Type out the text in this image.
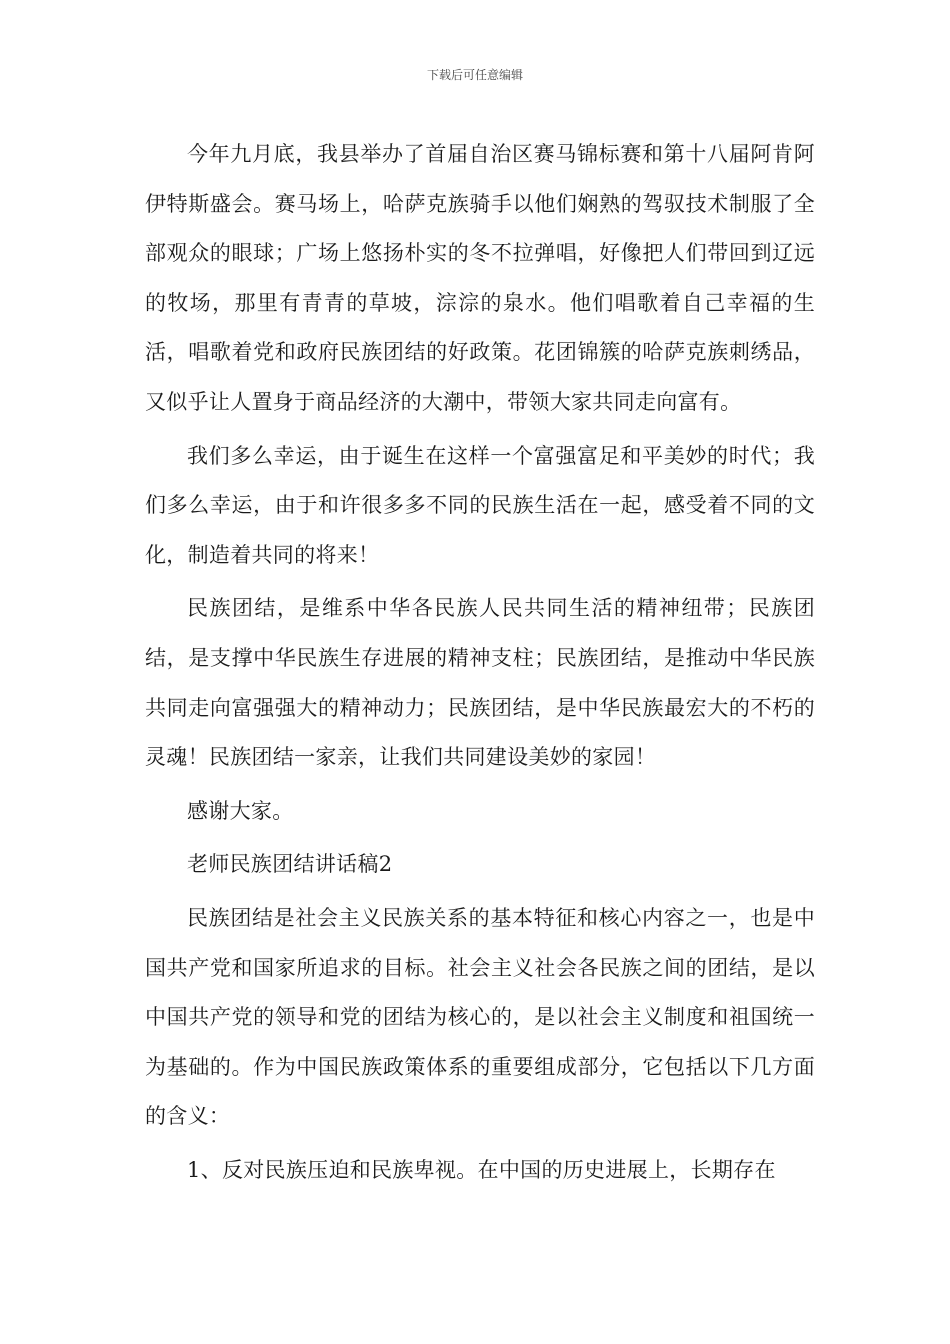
下载后可任意编辑

今年九月底，我县举办了首届自治区赛马锦标赛和第十八届阿肯阿伊特斯盛会。赛马场上，哈萨克族骑手以他们娴熟的驾驭技术制服了全部观众的眼球；广场上悠扬朴实的冬不拉弹唱，好像把人们带回到辽远的牧场，那里有青青的草坡，淙淙的泉水。他们唱歌着自己幸福的生活，唱歌着党和政府民族团结的好政策。花团锦簇的哈萨克族刺绣品，又似乎让人置身于商品经济的大潮中，带领大家共同走向富有。

我们多么幸运，由于诞生在这样一个富强富足和平美妙的时代；我们多么幸运，由于和许很多多不同的民族生活在一起，感受着不同的文化，制造着共同的将来！

民族团结，是维系中华各民族人民共同生活的精神纽带；民族团结，是支撑中华民族生存进展的精神支柱；民族团结，是推动中华民族共同走向富强强大的精神动力；民族团结，是中华民族最宏大的不朽的灵魂！民族团结一家亲，让我们共同建设美妙的家园！

感谢大家。

老师民族团结讲话稿2

民族团结是社会主义民族关系的基本特征和核心内容之一，也是中国共产党和国家所追求的目标。社会主义社会各民族之间的团结，是以中国共产党的领导和党的团结为核心的，是以社会主义制度和祖国统一为基础的。作为中国民族政策体系的重要组成部分，它包括以下几方面的含义：

1、反对民族压迫和民族卑视。在中国的历史进展上，长期存在
